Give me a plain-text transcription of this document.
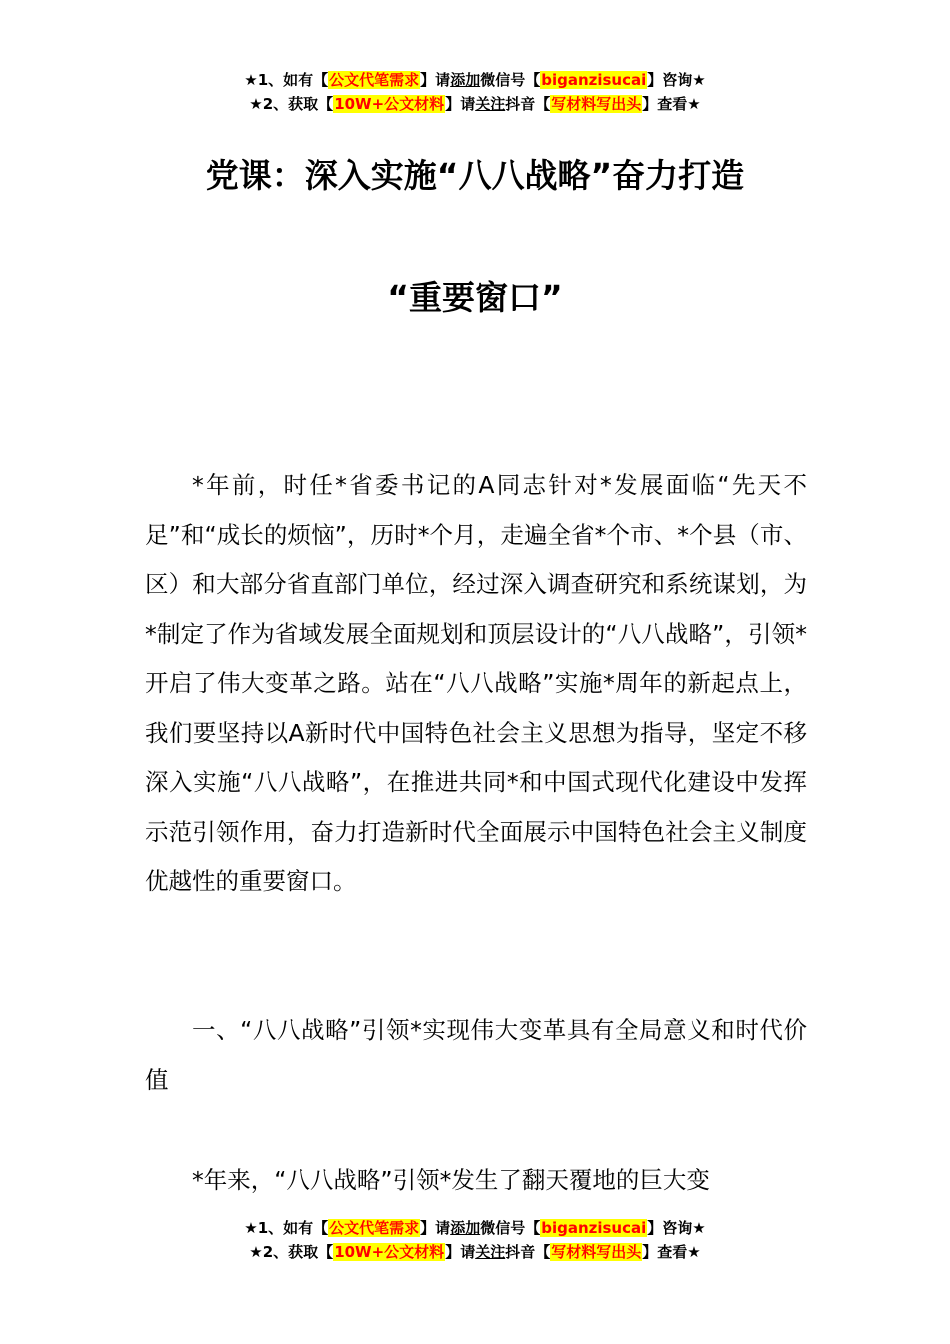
★1、如有【公文代笔需求】请添加微信号【biganzisucai】咨询★
★2、获取【10W+公文材料】请关注抖音【写材料写出头】查看★
党课：深入实施“八八战略”奋力打造
“重要窗口”

*年前，时任*省委书记的A同志针对*发展面临“先天不足”和“成长的烦恼”，历时*个月，走遍全省*个市、*个县（市、区）和大部分省直部门单位，经过深入调查研究和系统谋划，为*制定了作为省域发展全面规划和顶层设计的“八八战略”，引领*开启了伟大变革之路。站在“八八战略”实施*周年的新起点上，我们要坚持以A新时代中国特色社会主义思想为指导，坚定不移深入实施“八八战略”，在推进共同*和中国式现代化建设中发挥示范引领作用，奋力打造新时代全面展示中国特色社会主义制度优越性的重要窗口。

一、“八八战略”引领*实现伟大变革具有全局意义和时代价值

*年来，“八八战略”引领*发生了翻天覆地的巨大变

★1、如有【公文代笔需求】请添加微信号【biganzisucai】咨询★
★2、获取【10W+公文材料】请关注抖音【写材料写出头】查看★
